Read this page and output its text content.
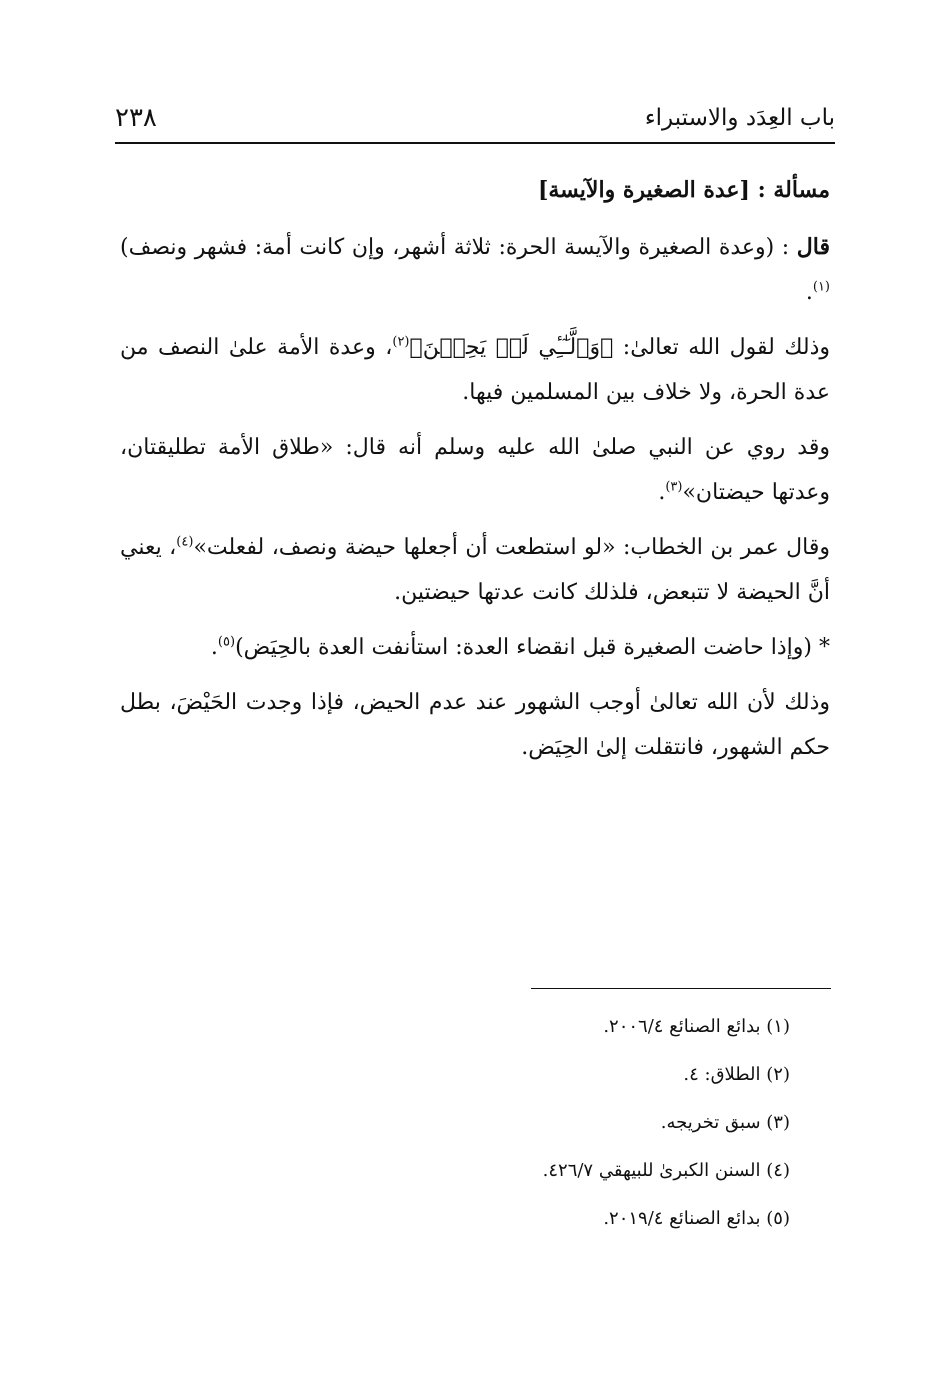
باب العِدَد والاستبراء
٢٣٨

مسألة : [عدة الصغيرة والآيسة]

قال : (وعدة الصغيرة والآيسة الحرة: ثلاثة أشهر، وإن كانت أمة: فشهر ونصف)$^{(١)}$.

وذلك لقول الله تعالىٰ: ﴿وَٱلَّـٰٓـِٔي لَمۡ يَحِضۡنَ﴾$^{(٢)}$، وعدة الأمة علىٰ النصف من عدة الحرة، ولا خلاف بين المسلمين فيها.

وقد روي عن النبي صلىٰ الله عليه وسلم أنه قال: «طلاق الأمة تطليقتان، وعدتها حيضتان»$^{(٣)}$.

وقال عمر بن الخطاب: «لو استطعت أن أجعلها حيضة ونصف، لفعلت»$^{(٤)}$، يعني أنَّ الحيضة لا تتبعض، فلذلك كانت عدتها حيضتين.

* (وإذا حاضت الصغيرة قبل انقضاء العدة: استأنفت العدة بالحِيَض)$^{(٥)}$.

وذلك لأن الله تعالىٰ أوجب الشهور عند عدم الحيض، فإذا وجدت الحَيْضَ، بطل حكم الشهور، فانتقلت إلىٰ الحِيَض.

(١) بدائع الصنائع ٢٠٠٦/٤.
(٢) الطلاق: ٤.
(٣) سبق تخريجه.
(٤) السنن الكبرىٰ للبيهقي ٤٢٦/٧.
(٥) بدائع الصنائع ٢٠١٩/٤.
